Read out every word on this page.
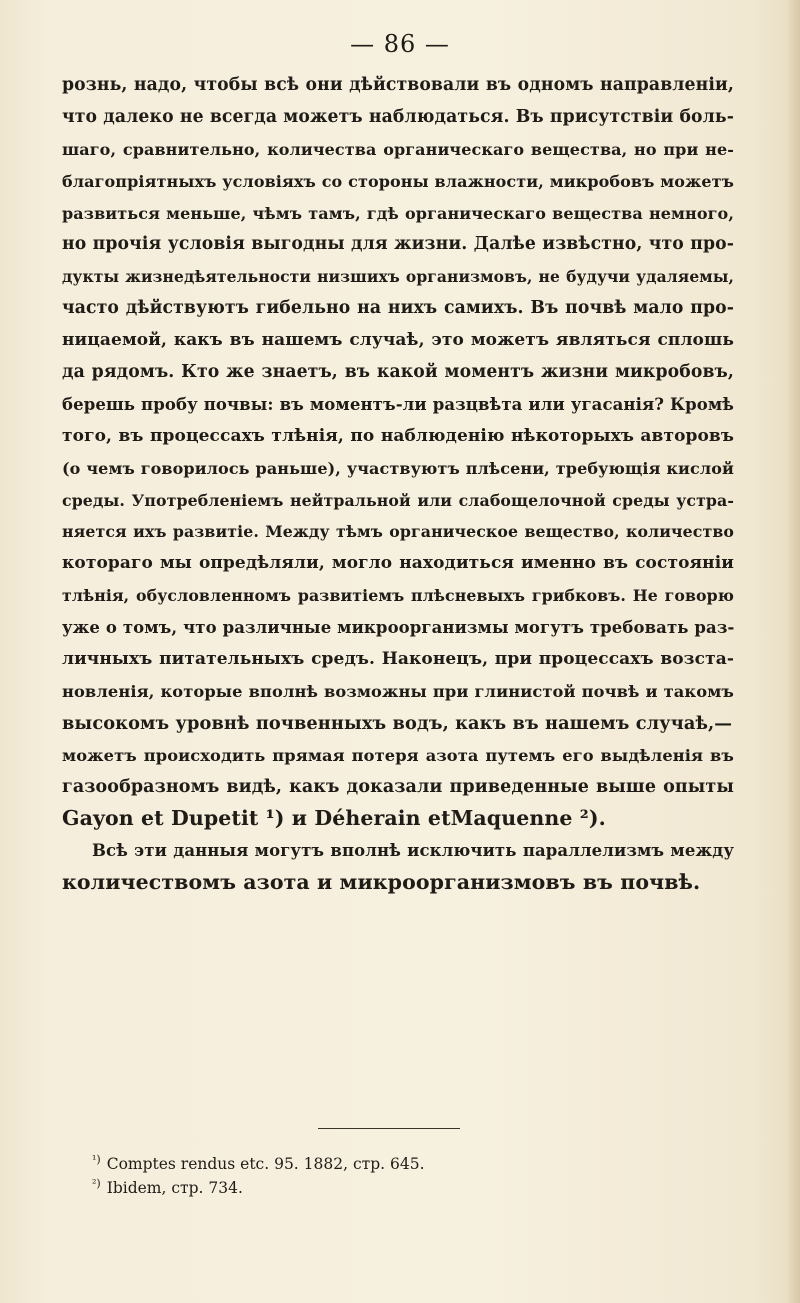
— 86 —
рознь, надо, чтобы всѣ они дѣйствовали въ одномъ направленіи,
что далеко не всегда можетъ наблюдаться. Въ присутствіи боль-
шаго, сравнительно, количества органическаго вещества, но при не-
благопріятныхъ условіяхъ со стороны влажности, микробовъ можетъ
развиться меньше, чѣмъ тамъ, гдѣ органическаго вещества немного,
но прочія условія выгодны для жизни. Далѣе извѣстно, что про-
дукты жизнедѣятельности низшихъ организмовъ, не будучи удаляемы,
часто дѣйствуютъ гибельно на нихъ самихъ. Въ почвѣ мало про-
ницаемой, какъ въ нашемъ случаѣ, это можетъ являться сплошь
да рядомъ. Кто же знаетъ, въ какой моментъ жизни микробовъ,
берешь пробу почвы: въ моментъ-ли разцвѣта или угасанія? Кромѣ
того, въ процессахъ тлѣнія, по наблюденію нѣкоторыхъ авторовъ
(о чемъ говорилось раньше), участвуютъ плѣсени, требующія кислой
среды. Употребленіемъ нейтральной или слабощелочной среды устра-
няется ихъ развитіе. Между тѣмъ органическое вещество, количество
котораго мы опредѣляли, могло находиться именно въ состояніи
тлѣнія, обусловленномъ развитіемъ плѣсневыхъ грибковъ. Не говорю
уже о томъ, что различные микроорганизмы могутъ требовать раз-
личныхъ питательныхъ средъ. Наконецъ, при процессахъ возста-
новленія, которые вполнѣ возможны при глинистой почвѣ и такомъ
высокомъ уровнѣ почвенныхъ водъ, какъ въ нашемъ случаѣ,—
можетъ происходить прямая потеря азота путемъ его выдѣленія въ
газообразномъ видѣ, какъ доказали приведенные выше опыты
Gayon et Dupetit ¹) и Déherain etMaquenne ²).
Всѣ эти данныя могутъ вполнѣ исключить параллелизмъ между
количествомъ азота и микроорганизмовъ въ почвѣ.
$^{^1)}$ Comptes rendus etc. 95. 1882, стр. 645.
$^{^2)}$ Ibidem, стр. 734.
